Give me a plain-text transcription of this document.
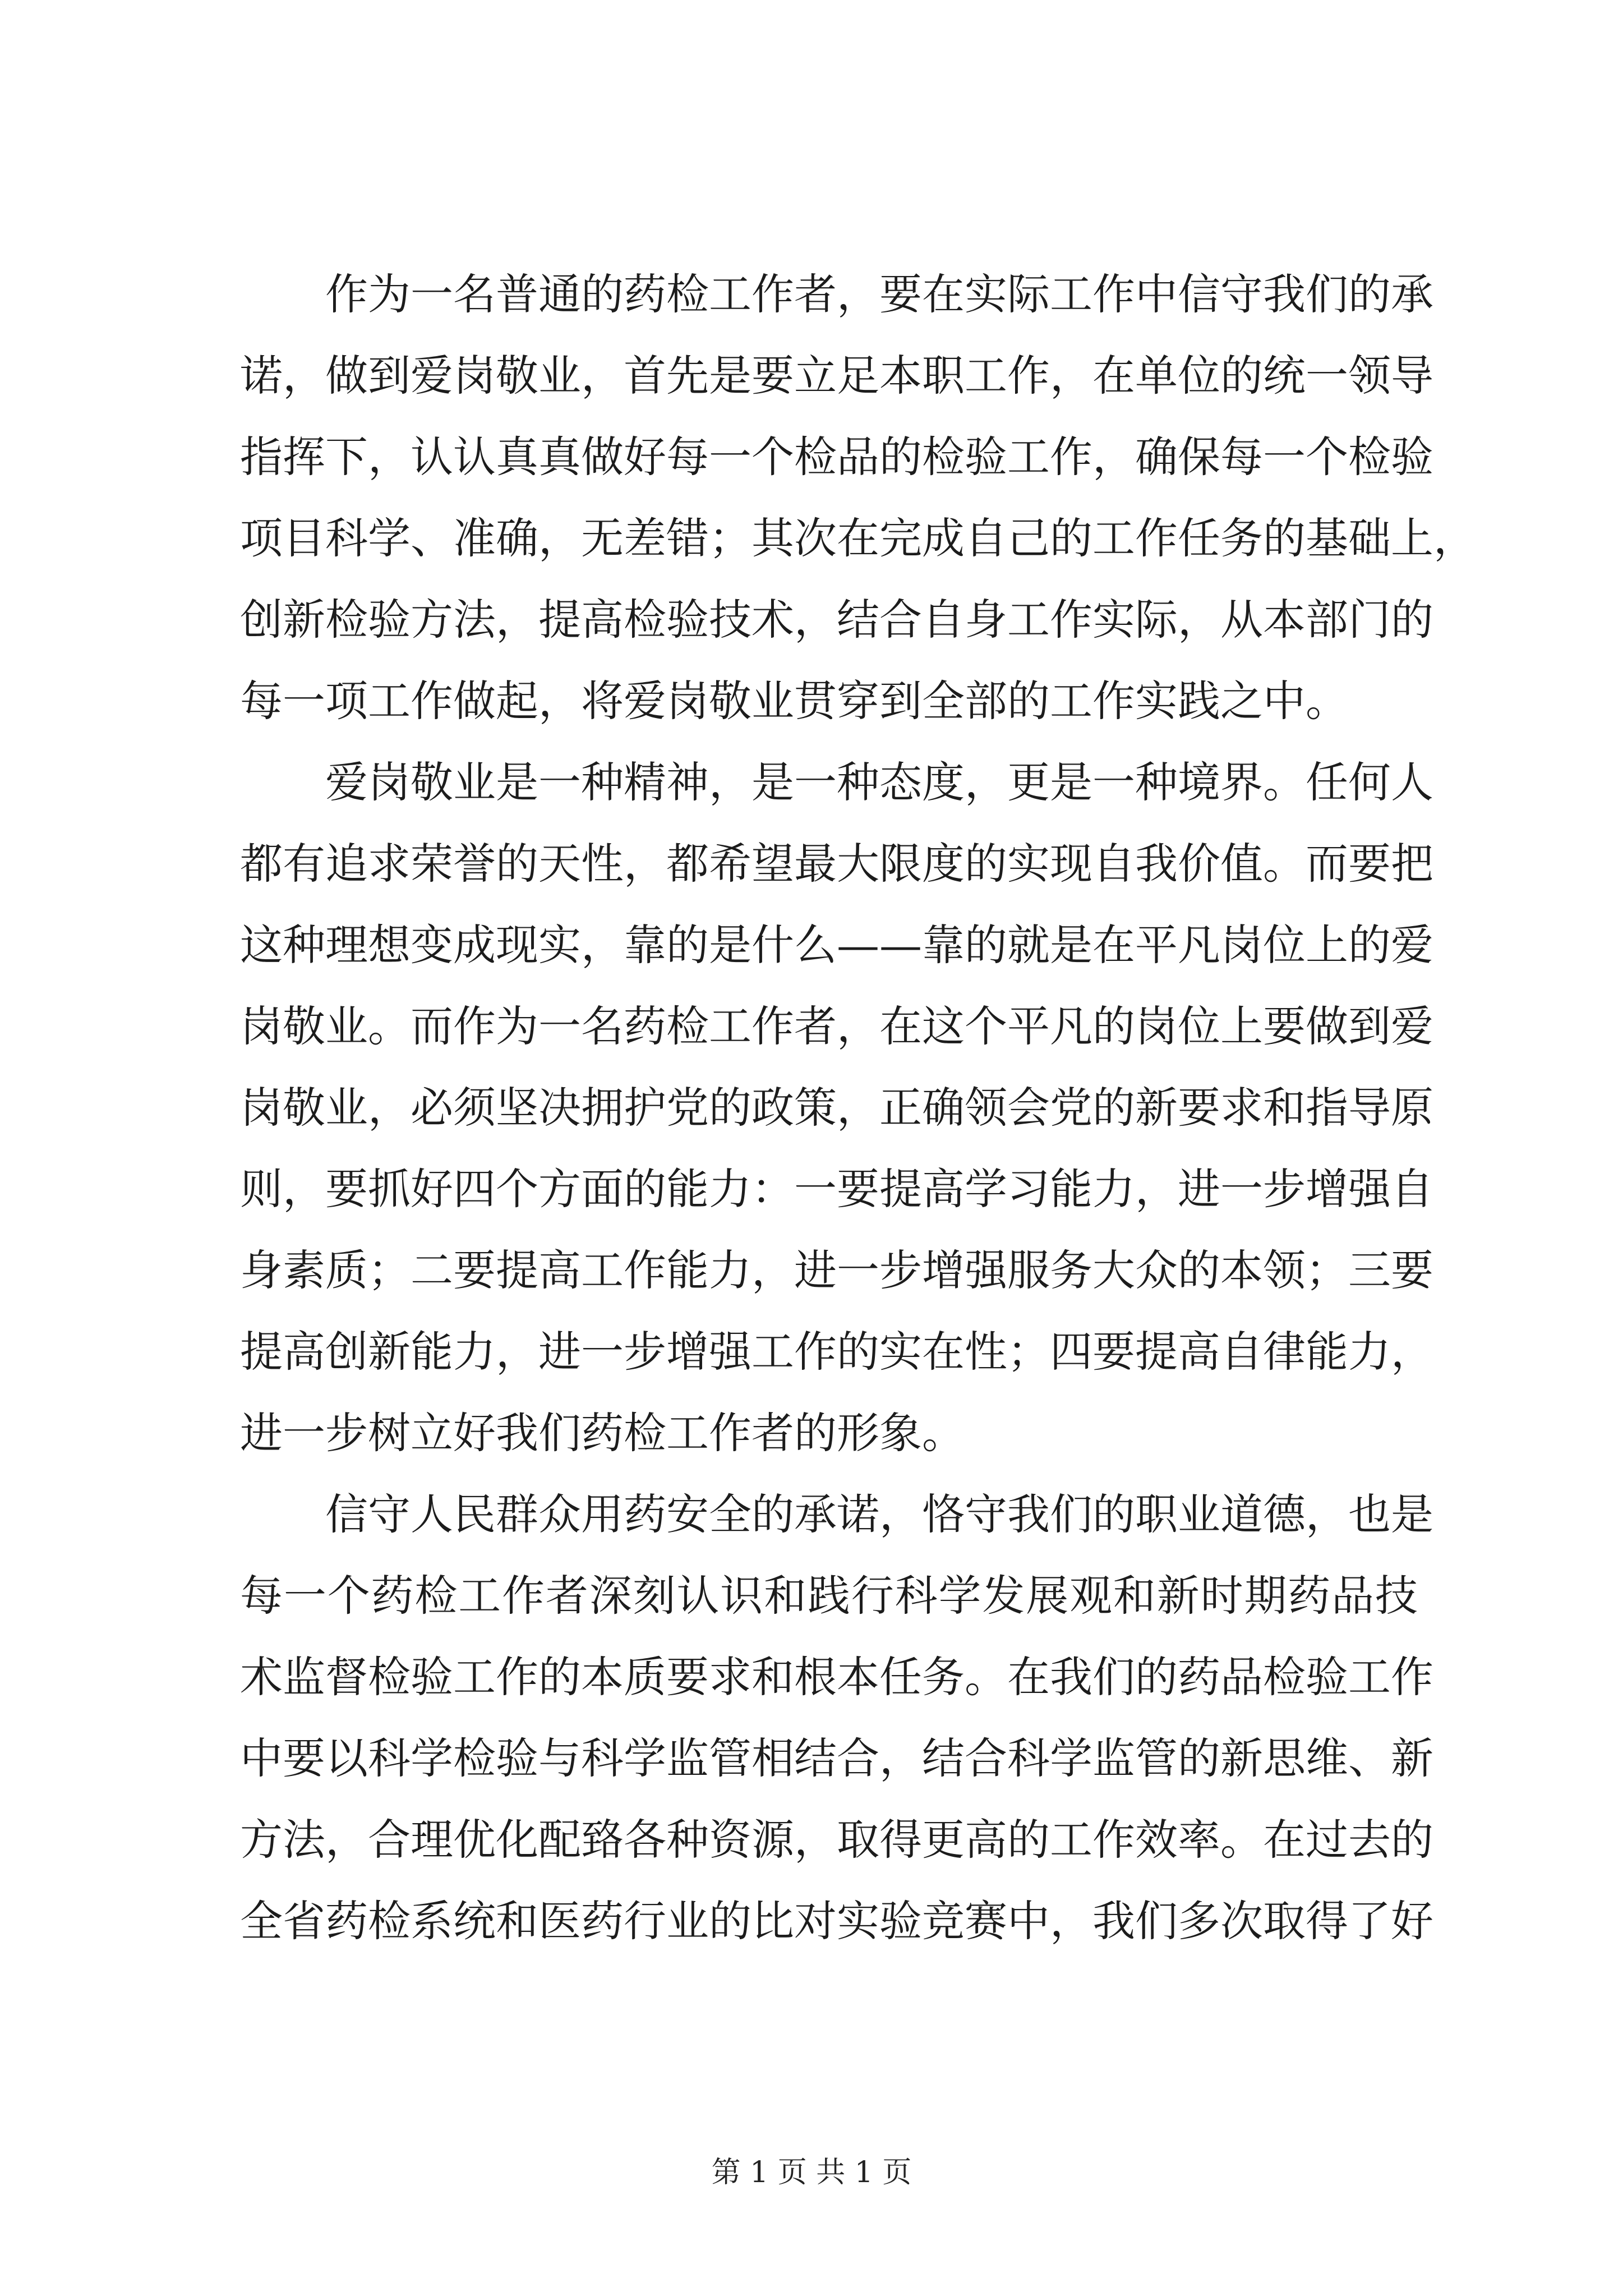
作为一名普通的药检工作者，要在实际工作中信守我们的承
诺，做到爱岗敬业，首先是要立足本职工作，在单位的统一领导
指挥下，认认真真做好每一个检品的检验工作，确保每一个检验
项目科学、准确，无差错；其次在完成自己的工作任务的基础上，
创新检验方法，提高检验技术，结合自身工作实际，从本部门的
每一项工作做起，将爱岗敬业贯穿到全部的工作实践之中。
爱岗敬业是一种精神，是一种态度，更是一种境界。任何人
都有追求荣誉的天性，都希望最大限度的实现自我价值。而要把
这种理想变成现实，靠的是什么——靠的就是在平凡岗位上的爱
岗敬业。而作为一名药检工作者，在这个平凡的岗位上要做到爱
岗敬业，必须坚决拥护党的政策，正确领会党的新要求和指导原
则，要抓好四个方面的能力：一要提高学习能力，进一步增强自
身素质；二要提高工作能力，进一步增强服务大众的本领；三要
提高创新能力，进一步增强工作的实在性；四要提高自律能力，
进一步树立好我们药检工作者的形象。
信守人民群众用药安全的承诺，恪守我们的职业道德，也是
每一个药检工作者深刻认识和践行科学发展观和新时期药品技
术监督检验工作的本质要求和根本任务。在我们的药品检验工作
中要以科学检验与科学监管相结合，结合科学监管的新思维、新
方法，合理优化配臵各种资源，取得更高的工作效率。在过去的
全省药检系统和医药行业的比对实验竞赛中，我们多次取得了好
第 1 页 共 1 页
